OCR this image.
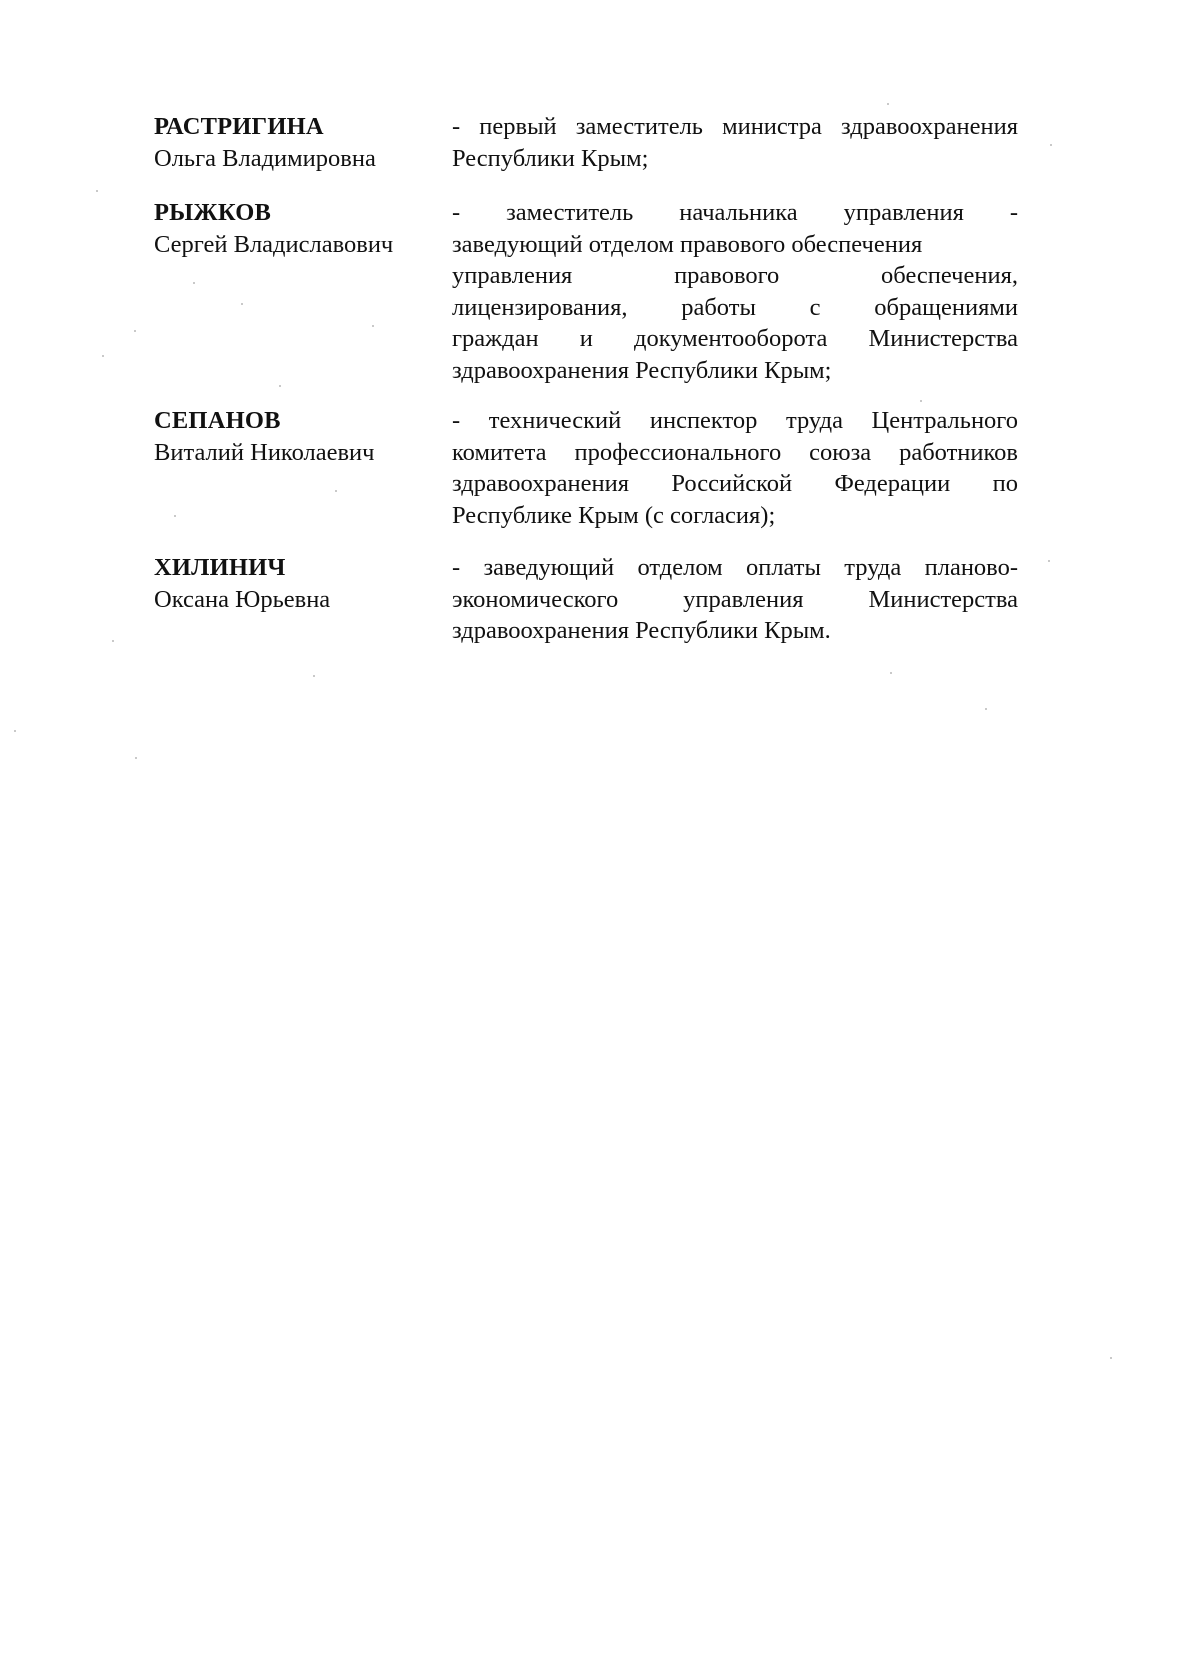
РАСТРИГИНА
Ольга Владимировна
- первый заместитель министра здравоохранения
Республики Крым;
РЫЖКОВ
Сергей Владиславович
- заместитель начальника управления -
заведующий отделом правового обеспечения
управления правового обеспечения,
лицензирования, работы с обращениями
граждан и документооборота Министерства
здравоохранения Республики Крым;
СЕПАНОВ
Виталий Николаевич
- технический инспектор труда Центрального
комитета профессионального союза работников
здравоохранения Российской Федерации по
Республике Крым (с согласия);
ХИЛИНИЧ
Оксана Юрьевна
- заведующий отделом оплаты труда планово-
экономического управления Министерства
здравоохранения Республики Крым.
